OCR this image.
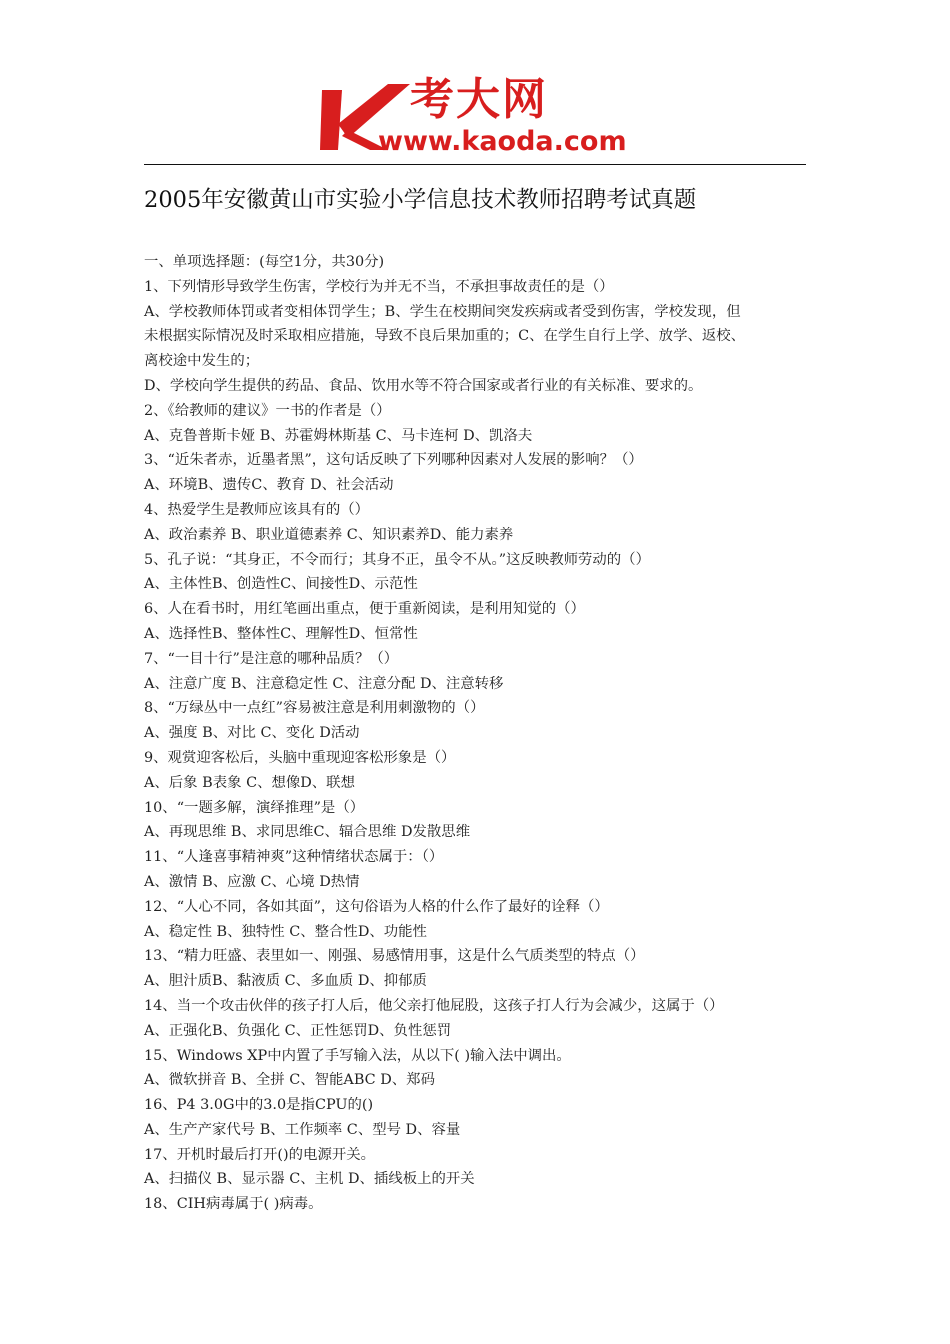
考大网
www.kaoda.com
2005年安徽黄山市实验小学信息技术教师招聘考试真题
一、单项选择题：(每空1分，共30分)
1、下列情形导致学生伤害，学校行为并无不当，不承担事故责任的是（）
A、学校教师体罚或者变相体罚学生；B、学生在校期间突发疾病或者受到伤害，学校发现，但
未根据实际情况及时采取相应措施，导致不良后果加重的；C、在学生自行上学、放学、返校、
离校途中发生的；
D、学校向学生提供的药品、食品、饮用水等不符合国家或者行业的有关标准、要求的。
2、《给教师的建议》一书的作者是（）
A、克鲁普斯卡娅 B、苏霍姆林斯基 C、马卡连柯 D、凯洛夫
3、“近朱者赤，近墨者黑”，这句话反映了下列哪种因素对人发展的影响？（）
A、环境B、遗传C、教育 D、社会活动
4、热爱学生是教师应该具有的（）
A、政治素养 B、职业道德素养 C、知识素养D、能力素养
5、孔子说：“其身正，不令而行；其身不正，虽令不从。”这反映教师劳动的（）
A、主体性B、创造性C、间接性D、示范性
6、人在看书时，用红笔画出重点，便于重新阅读，是利用知觉的（）
A、选择性B、整体性C、理解性D、恒常性
7、“一目十行”是注意的哪种品质？（）
A、注意广度 B、注意稳定性 C、注意分配 D、注意转移
8、“万绿丛中一点红”容易被注意是利用刺激物的（）
A、强度 B、对比 C、变化 D活动
9、观赏迎客松后，头脑中重现迎客松形象是（）
A、后象 B表象 C、想像D、联想
10、“一题多解，演绎推理”是（）
A、再现思维 B、求同思维C、辐合思维 D发散思维
11、“人逢喜事精神爽”这种情绪状态属于：（）
A、激情 B、应激 C、心境 D热情
12、“人心不同，各如其面”，这句俗语为人格的什么作了最好的诠释（）
A、稳定性 B、独特性 C、整合性D、功能性
13、“精力旺盛、表里如一、刚强、易感情用事，这是什么气质类型的特点（）
A、胆汁质B、黏液质 C、多血质 D、抑郁质
14、当一个攻击伙伴的孩子打人后，他父亲打他屁股，这孩子打人行为会减少，这属于（）
A、正强化B、负强化 C、正性惩罚D、负性惩罚
15、Windows XP中内置了手写输入法，从以下( )输入法中调出。
A、微软拼音 B、全拼 C、智能ABC D、郑码
16、P4 3.0G中的3.0是指CPU的()
A、生产产家代号 B、工作频率 C、型号 D、容量
17、开机时最后打开()的电源开关。
A、扫描仪 B、显示器 C、主机 D、插线板上的开关
18、CIH病毒属于( )病毒。
